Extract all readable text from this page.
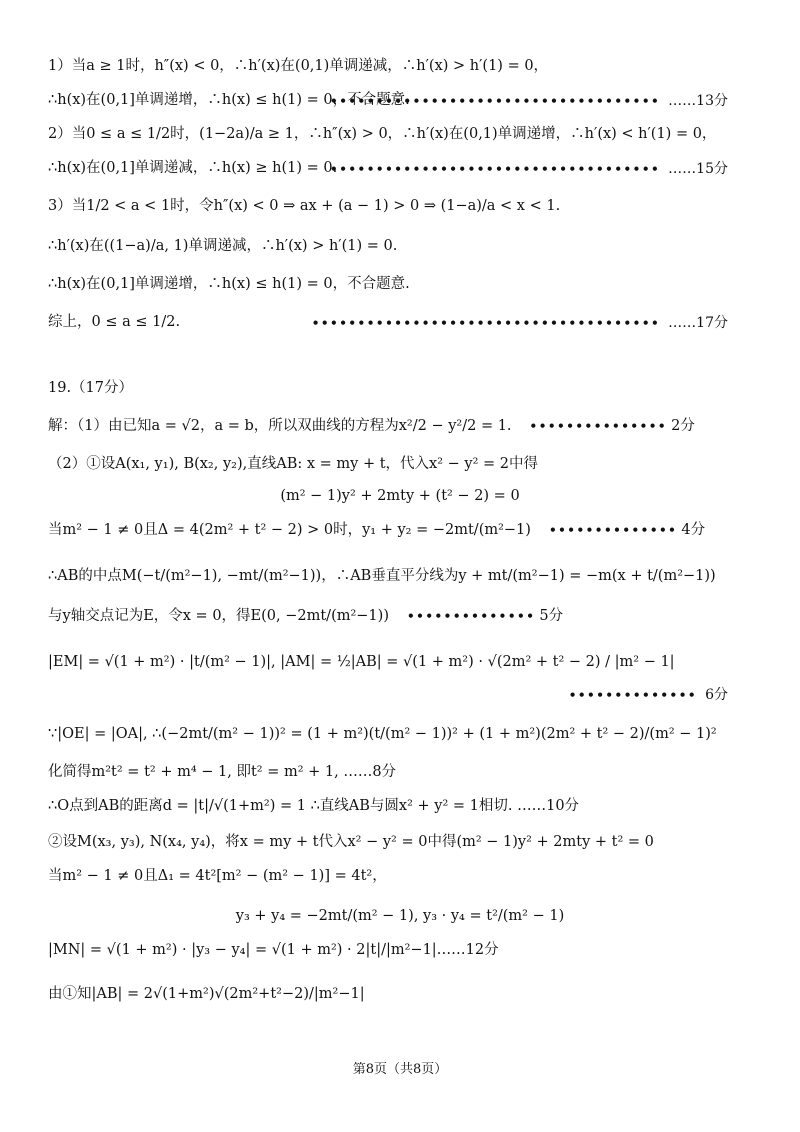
1）当a ≥ 1时，h″(x) < 0，∴h′(x)在(0,1)单调递减，∴h′(x) > h′(1) = 0，
∴h(x)在(0,1]单调递增，∴h(x) ≤ h(1) = 0，不合题意.
•••••••••••••••••••••••••••••••••••• ……13分
2）当0 ≤ a ≤ 1/2时，(1−2a)/a ≥ 1，∴h″(x) > 0，∴h′(x)在(0,1)单调递增，∴h′(x) < h′(1) = 0，
∴h(x)在(0,1]单调递减，∴h(x) ≥ h(1) = 0.
•••••••••••••••••••••••••••••••••••• ……15分
3）当1/2 < a < 1时，令h″(x) < 0 ⇒ ax + (a − 1) > 0 ⇒ (1−a)/a < x < 1.
∴h′(x)在((1−a)/a, 1)单调递减，∴h′(x) > h′(1) = 0.
∴h(x)在(0,1]单调递增，∴h(x) ≤ h(1) = 0，不合题意.
综上，0 ≤ a ≤ 1/2.	•••••••••••••••••••••••••••••••••••••• ……17分
19.（17分）
解：（1）由已知a = √2，a = b，所以双曲线的方程为x²/2 − y²/2 = 1. ••••••••••••••• 2分
（2）①设A(x₁, y₁), B(x₂, y₂),直线AB: x = my + t，代入x² − y² = 2中得
(m² − 1)y² + 2mty + (t² − 2) = 0
当m² − 1 ≠ 0且Δ = 4(2m² + t² − 2) > 0时，y₁ + y₂ = −2mt/(m²−1) •••••••••••••• 4分
∴AB的中点M(−t/(m²−1), −mt/(m²−1))，∴AB垂直平分线为y + mt/(m²−1) = −m(x + t/(m²−1))
与y轴交点记为E，令x = 0，得E(0, −2mt/(m²−1)) •••••••••••••• 5分
|EM| = √(1 + m²) · |t/(m² − 1)|, |AM| = ½|AB| = √(1 + m²) · √(2m² + t² − 2) / |m² − 1|
•••••••••••••• 6分
∵|OE| = |OA|, ∴(−2mt/(m² − 1))² = (1 + m²)(t/(m² − 1))² + (1 + m²)(2m² + t² − 2)/(m² − 1)²
化简得m²t² = t² + m⁴ − 1, 即t² = m² + 1, ……8分
∴O点到AB的距离d = |t|/√(1+m²) = 1 ∴直线AB与圆x² + y² = 1相切. ……10分
②设M(x₃, y₃), N(x₄, y₄)，将x = my + t代入x² − y² = 0中得(m² − 1)y² + 2mty + t² = 0
当m² − 1 ≠ 0且Δ₁ = 4t²[m² − (m² − 1)] = 4t²，
y₃ + y₄ = −2mt/(m² − 1), y₃ · y₄ = t²/(m² − 1)
|MN| = √(1 + m²) · |y₃ − y₄| = √(1 + m²) · 2|t|/|m²−1|……12分
由①知|AB| = 2√(1+m²)√(2m²+t²−2)/|m²−1|
第8页（共8页）
